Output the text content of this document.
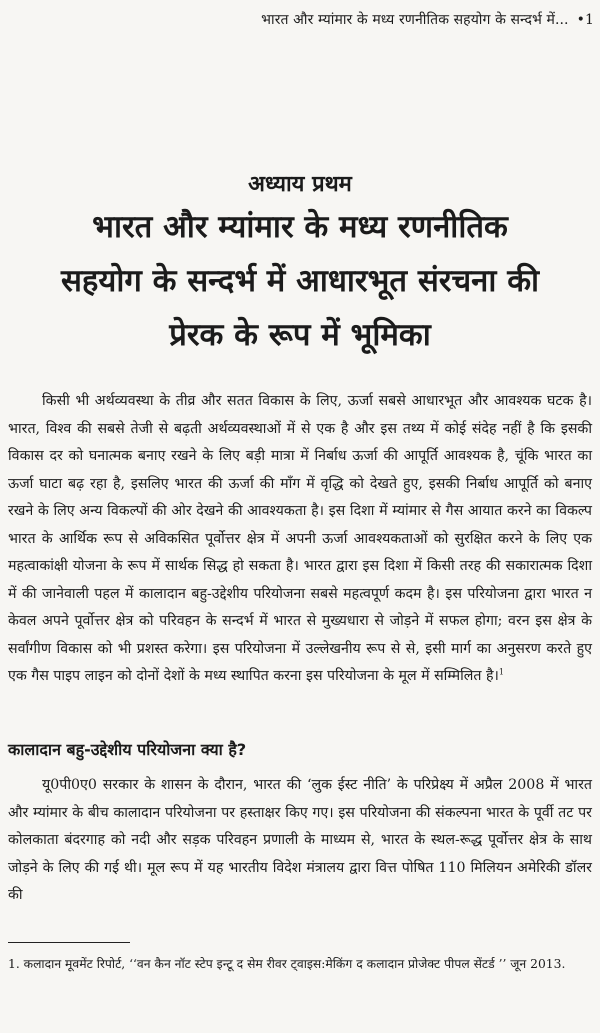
भारत और म्यांमार के मध्य रणनीतिक सहयोग के सन्दर्भ में... •1
अध्याय प्रथम
भारत और म्यांमार के मध्य रणनीतिक
सहयोग के सन्दर्भ में आधारभूत संरचना की
प्रेरक के रूप में भूमिका
किसी भी अर्थव्यवस्था के तीव्र और सतत विकास के लिए, ऊर्जा सबसे आधारभूत और आवश्यक घटक है। भारत, विश्व की सबसे तेजी से बढ़ती अर्थव्यवस्थाओं में से एक है और इस तथ्य में कोई संदेह नहीं है कि इसकी विकास दर को घनात्मक बनाए रखने के लिए बड़ी मात्रा में निर्बाध ऊर्जा की आपूर्ति आवश्यक है, चूंकि भारत का ऊर्जा घाटा बढ़ रहा है, इसलिए भारत की ऊर्जा की माँग में वृद्धि को देखते हुए, इसकी निर्बाध आपूर्ति को बनाए रखने के लिए अन्य विकल्पों की ओर देखने की आवश्यकता है। इस दिशा में म्यांमार से गैस आयात करने का विकल्प भारत के आर्थिक रूप से अविकसित पूर्वोत्तर क्षेत्र में अपनी ऊर्जा आवश्यकताओं को सुरक्षित करने के लिए एक महत्वाकांक्षी योजना के रूप में सार्थक सिद्ध हो सकता है। भारत द्वारा इस दिशा में किसी तरह की सकारात्मक दिशा में की जानेवाली पहल में कालादान बहु-उद्देशीय परियोजना सबसे महत्वपूर्ण कदम है। इस परियोजना द्वारा भारत न केवल अपने पूर्वोत्तर क्षेत्र को परिवहन के सन्दर्भ में भारत से मुख्यधारा से जोड़ने में सफल होगा; वरन इस क्षेत्र के सर्वांगीण विकास को भी प्रशस्त करेगा। इस परियोजना में उल्लेखनीय रूप से से, इसी मार्ग का अनुसरण करते हुए एक गैस पाइप लाइन को दोनों देशों के मध्य स्थापित करना इस परियोजना के मूल में सम्मिलित है।$^1$
कालादान बहु-उद्देशीय परियोजना क्या है?
यू0पी0ए0 सरकार के शासन के दौरान, भारत की ‘लुक ईस्ट नीति’ के परिप्रेक्ष्य में अप्रैल 2008 में भारत और म्यांमार के बीच कालादान परियोजना पर हस्ताक्षर किए गए। इस परियोजना की संकल्पना भारत के पूर्वी तट पर कोलकाता बंदरगाह को नदी और सड़क परिवहन प्रणाली के माध्यम से, भारत के स्थल-रूद्ध पूर्वोत्तर क्षेत्र के साथ जोड़ने के लिए की गई थी। मूल रूप में यह भारतीय विदेश मंत्रालय द्वारा वित्त पोषित 110 मिलियन अमेरिकी डॉलर की
1. कलादान मूवमेंट रिपोर्ट, ‘‘वन कैन नॉट स्टेप इन्टू द सेम रीवर ट्वाइस:मेकिंग द कलादान प्रोजेक्ट पीपल सेंटर्ड ’’ जून 2013.
